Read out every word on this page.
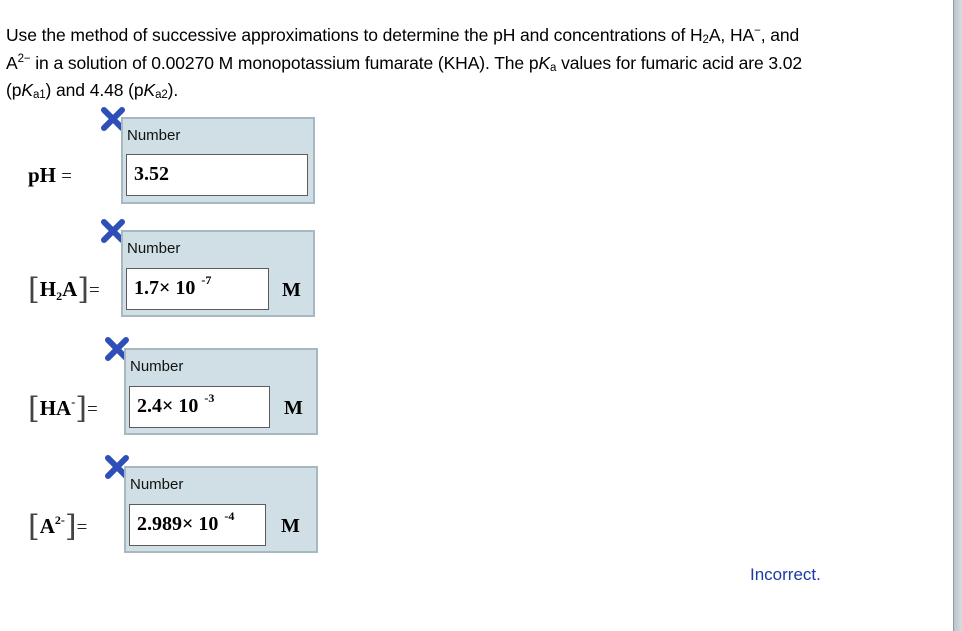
Use the method of successive approximations to determine the pH and concentrations of $H_2A$, HA−, and
$A^{2-}$ in a solution of 0.00270 M monopotassium fumarate (KHA). The $pK_a$ values for fumaric acid are 3.02
$(pK_{a1})$ and 4.48 $(pK_{a2})$.
pH =
Number
3.52
$[H_2A]=$
Number
1.7× 10 $^{-7}$	M
[HA-]=
Number
2.4× 10 $^{-3}$	M
$[A^{2-}]=$
Number
2.989× 10 $^{-4}$	M
Incorrect.
